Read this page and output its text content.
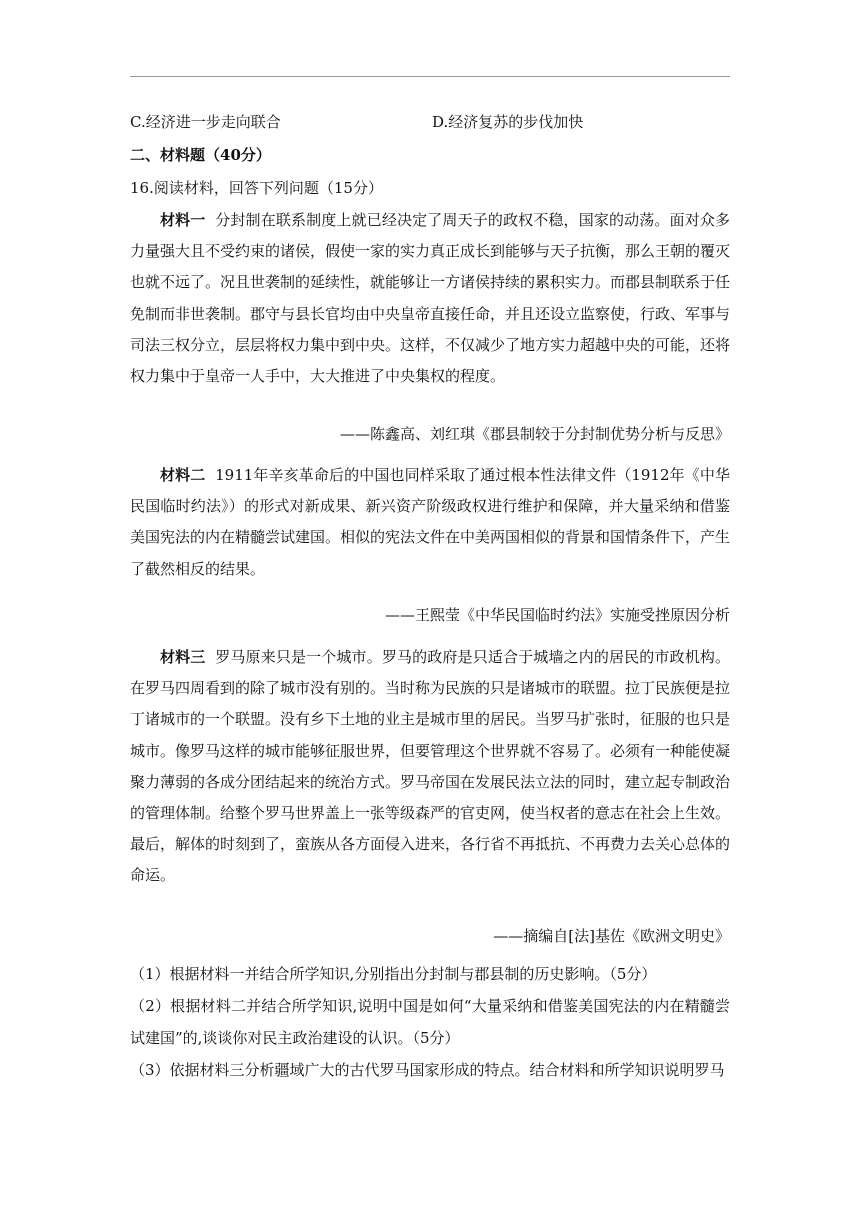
C.经济进一步走向联合	D.经济复苏的步伐加快
二、材料题（40分）
16.阅读材料，回答下列问题（15分）
材料一 分封制在联系制度上就已经决定了周天子的政权不稳，国家的动荡。面对众多力量强大且不受约束的诸侯，假使一家的实力真正成长到能够与天子抗衡，那么王朝的覆灭也就不远了。况且世袭制的延续性，就能够让一方诸侯持续的累积实力。而郡县制联系于任免制而非世袭制。郡守与县长官均由中央皇帝直接任命，并且还设立监察使，行政、军事与司法三权分立，层层将权力集中到中央。这样，不仅减少了地方实力超越中央的可能，还将权力集中于皇帝一人手中，大大推进了中央集权的程度。
——陈鑫高、刘红琪《郡县制较于分封制优势分析与反思》
材料二 1911年辛亥革命后的中国也同样采取了通过根本性法律文件（1912年《中华民国临时约法》）的形式对新成果、新兴资产阶级政权进行维护和保障，并大量采纳和借鉴美国宪法的内在精髓尝试建国。相似的宪法文件在中美两国相似的背景和国情条件下，产生了截然相反的结果。
——王熙莹《中华民国临时约法》实施受挫原因分析
材料三 罗马原来只是一个城市。罗马的政府是只适合于城墙之内的居民的市政机构。在罗马四周看到的除了城市没有别的。当时称为民族的只是诸城市的联盟。拉丁民族便是拉丁诸城市的一个联盟。没有乡下土地的业主是城市里的居民。当罗马扩张时，征服的也只是城市。像罗马这样的城市能够征服世界，但要管理这个世界就不容易了。必须有一种能使凝聚力薄弱的各成分团结起来的统治方式。罗马帝国在发展民法立法的同时，建立起专制政治的管理体制。给整个罗马世界盖上一张等级森严的官吏网，使当权者的意志在社会上生效。最后，解体的时刻到了，蛮族从各方面侵入进来，各行省不再抵抗、不再费力去关心总体的命运。
——摘编自[法]基佐《欧洲文明史》
（1）根据材料一并结合所学知识,分别指出分封制与郡县制的历史影响。（5分）
（2）根据材料二并结合所学知识,说明中国是如何“大量采纳和借鉴美国宪法的内在精髓尝试建国”的,谈谈你对民主政治建设的认识。（5分）
（3）依据材料三分析疆域广大的古代罗马国家形成的特点。结合材料和所学知识说明罗马
